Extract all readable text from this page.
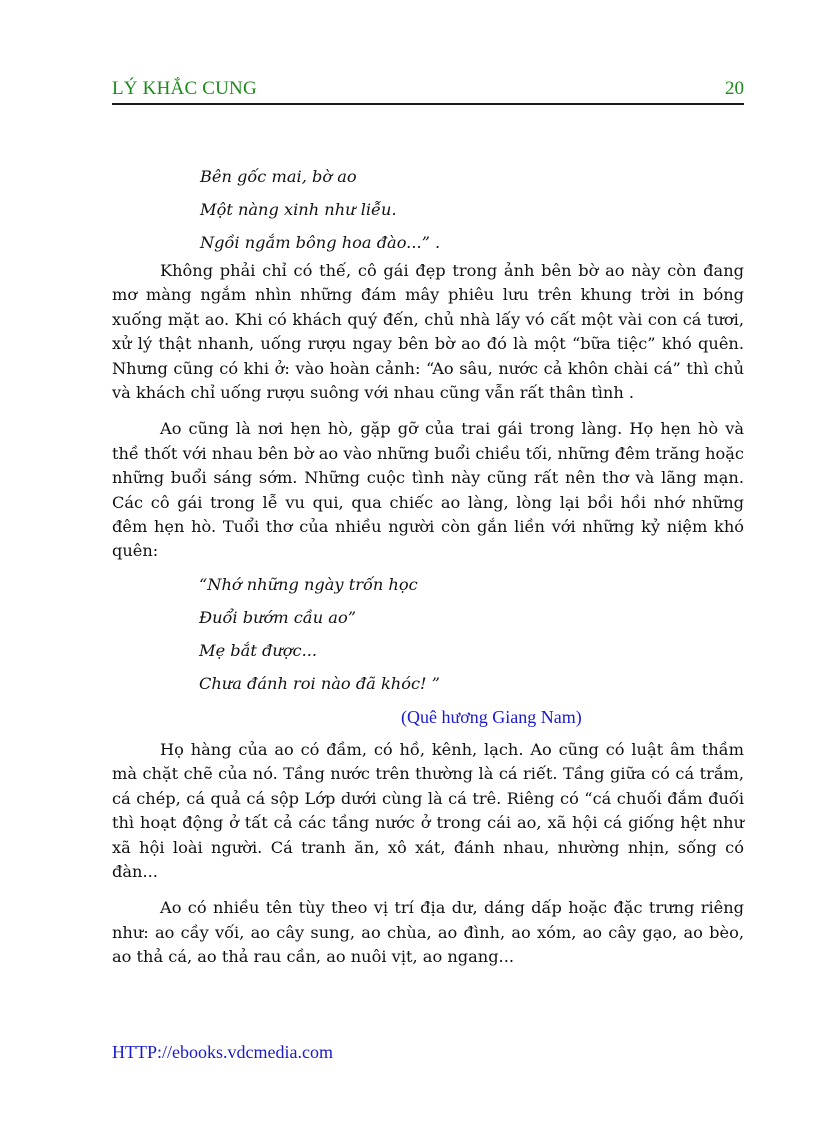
LÝ KHẮC CUNG	20

Bên gốc mai, bờ ao

Một nàng xinh như liễu.

Ngồi ngắm bông hoa đào...” .

Không phải chỉ có thế, cô gái đẹp trong ảnh bên bờ ao này còn đang mơ màng ngắm nhìn những đám mây phiêu lưu trên khung trời in bóng xuống mặt ao. Khi có khách quý đến, chủ nhà lấy vó cất một vài con cá tươi, xử lý thật nhanh, uống rượu ngay bên bờ ao đó là một “bữa tiệc” khó quên. Nhưng cũng có khi ở: vào hoàn cảnh: “Ao sâu, nước cả khôn chài cá” thì chủ và khách chỉ uống rượu suông với nhau cũng vẫn rất thân tình .

Ao cũng là nơi hẹn hò, gặp gỡ của trai gái trong làng. Họ hẹn hò và thề thốt với nhau bên bờ ao vào những buổi chiều tối, những đêm trăng hoặc những buổi sáng sớm. Những cuộc tình này cũng rất nên thơ và lãng mạn. Các cô gái trong lễ vu qui, qua chiếc ao làng, lòng lại bồi hồi nhớ những đêm hẹn hò. Tuổi thơ của nhiều người còn gắn liền với những kỷ niệm khó quên:

“Nhớ những ngày trốn học

Đuổi bướm cầu ao”

Mẹ bắt được...

Chưa đánh roi nào đã khóc! ”

(Quê hương Giang Nam)

Họ hàng của ao có đầm, có hồ, kênh, lạch. Ao cũng có luật âm thầm mà chặt chẽ của nó. Tầng nước trên thường là cá riết. Tầng giữa có cá trắm, cá chép, cá quả cá sộp Lớp dưới cùng là cá trê. Riêng có “cá chuối đắm đuối thì hoạt động ở tất cả các tầng nước ở trong cái ao, xã hội cá giống hệt như xã hội loài người. Cá tranh ăn, xô xát, đánh nhau, nhường nhịn, sống có đàn...

Ao có nhiều tên tùy theo vị trí địa dư, dáng dấp hoặc đặc trưng riêng như: ao cầy vối, ao cây sung, ao chùa, ao đình, ao xóm, ao cây gạo, ao bèo, ao thả cá, ao thả rau cần, ao nuôi vịt, ao ngang...

HTTP://ebooks.vdcmedia.com
